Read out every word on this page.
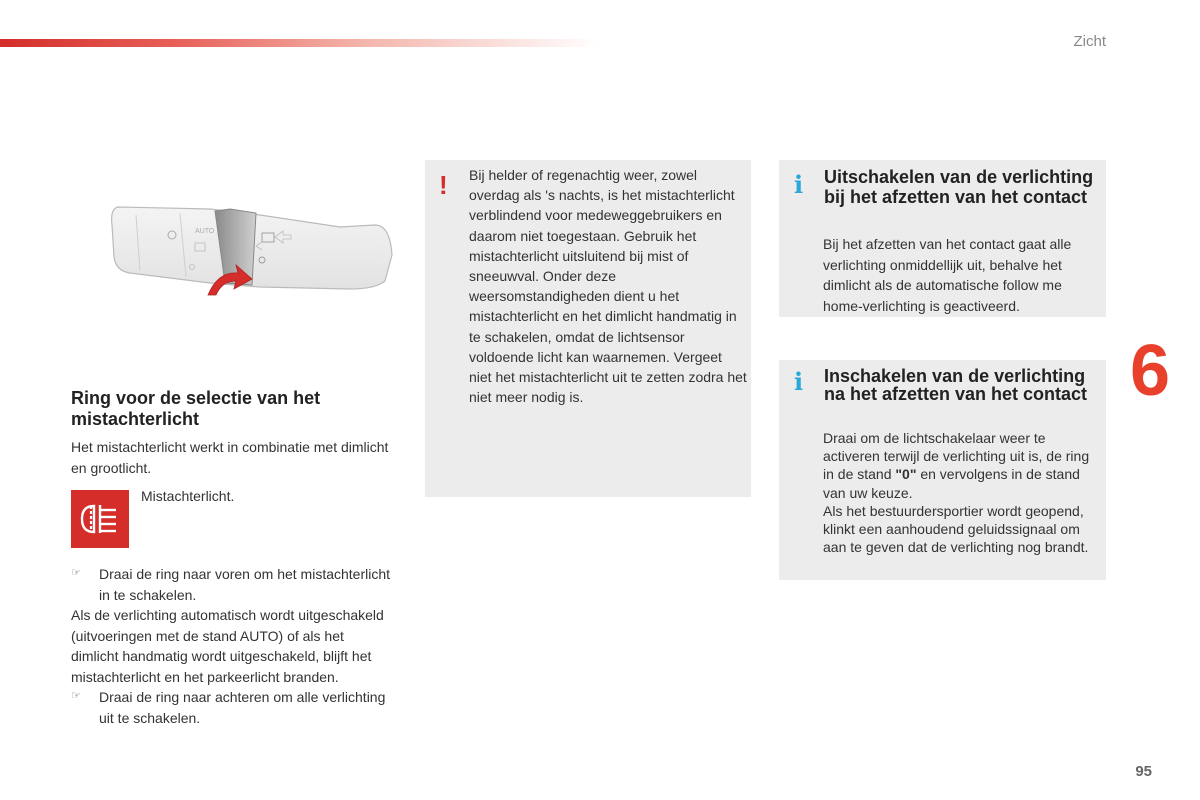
Zicht
6
95
AUTO
Ring voor de selectie van het mistachterlicht

Het mistachterlicht werkt in combinatie met dimlicht en grootlicht.

Mistachterlicht.
☞	Draai de ring naar voren om het mistachterlicht in te schakelen.

Als de verlichting automatisch wordt uitgeschakeld (uitvoeringen met de stand AUTO) of als het dimlicht handmatig wordt uitgeschakeld, blijft het mistachterlicht en het parkeerlicht branden.

☞	Draai de ring naar achteren om alle verlichting uit te schakelen.
! Bij helder of regenachtig weer, zowel overdag als 's nachts, is het mistachterlicht verblindend voor medeweggebruikers en daarom niet toegestaan. Gebruik het mistachterlicht uitsluitend bij mist of sneeuwval. Onder deze weersomstandigheden dient u het mistachterlicht en het dimlicht handmatig in te schakelen, omdat de lichtsensor voldoende licht kan waarnemen. Vergeet niet het mistachterlicht uit te zetten zodra het niet meer nodig is.
i Uitschakelen van de verlichting bij het afzetten van het contact
Bij het afzetten van het contact gaat alle verlichting onmiddellijk uit, behalve het dimlicht als de automatische follow me home-verlichting is geactiveerd.
i Inschakelen van de verlichting na het afzetten van het contact
Draai om de lichtschakelaar weer te activeren terwijl de verlichting uit is, de ring in de stand "0" en vervolgens in de stand van uw keuze.
Als het bestuurdersportier wordt geopend, klinkt een aanhoudend geluidssignaal om aan te geven dat de verlichting nog brandt.
